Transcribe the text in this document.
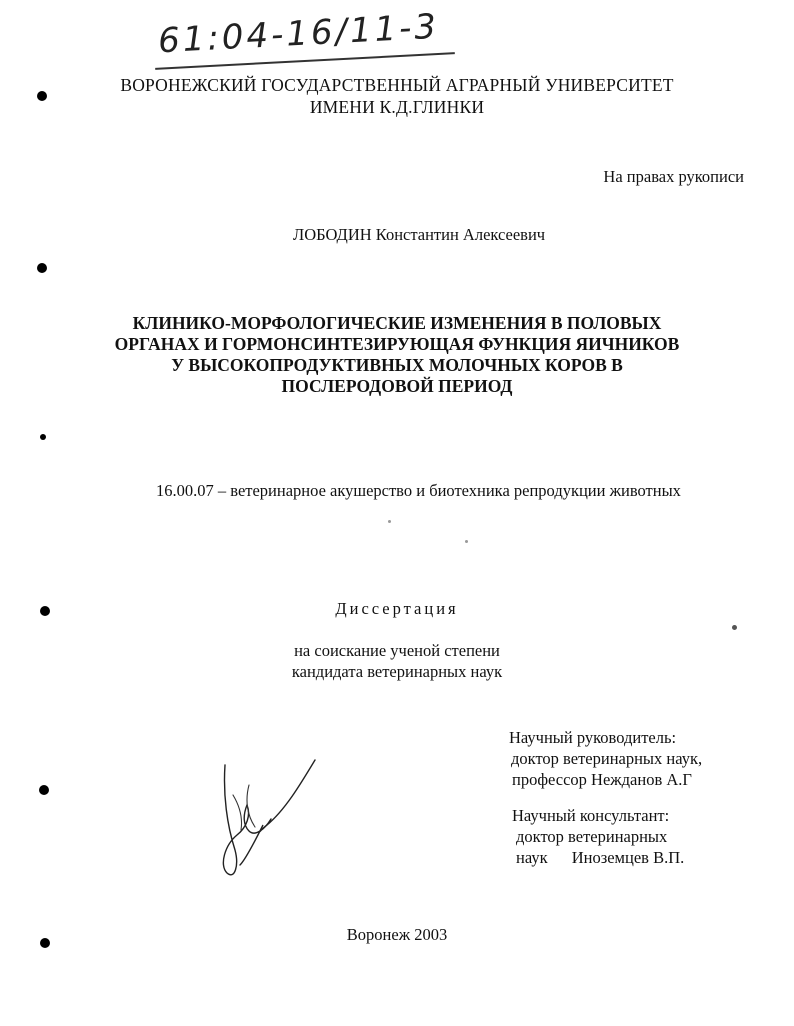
61:04-16/11-3
ВОРОНЕЖСКИЙ ГОСУДАРСТВЕННЫЙ АГРАРНЫЙ УНИВЕРСИТЕТ
ИМЕНИ К.Д.ГЛИНКИ
На правах рукописи
ЛОБОДИН Константин Алексеевич
КЛИНИКО-МОРФОЛОГИЧЕСКИЕ ИЗМЕНЕНИЯ В ПОЛОВЫХ
ОРГАНАХ И ГОРМОНСИНТЕЗИРУЮЩАЯ ФУНКЦИЯ ЯИЧНИКОВ
У ВЫСОКОПРОДУКТИВНЫХ МОЛОЧНЫХ КОРОВ В
ПОСЛЕРОДОВОЙ ПЕРИОД
16.00.07 – ветеринарное акушерство и биотехника репродукции животных
Диссертация
на соискание ученой степени
кандидата ветеринарных наук
Научный руководитель:
доктор ветеринарных наук,
профессор Нежданов А.Г
Научный консультант:
доктор ветеринарных
наук Иноземцев В.П.
Воронеж 2003
